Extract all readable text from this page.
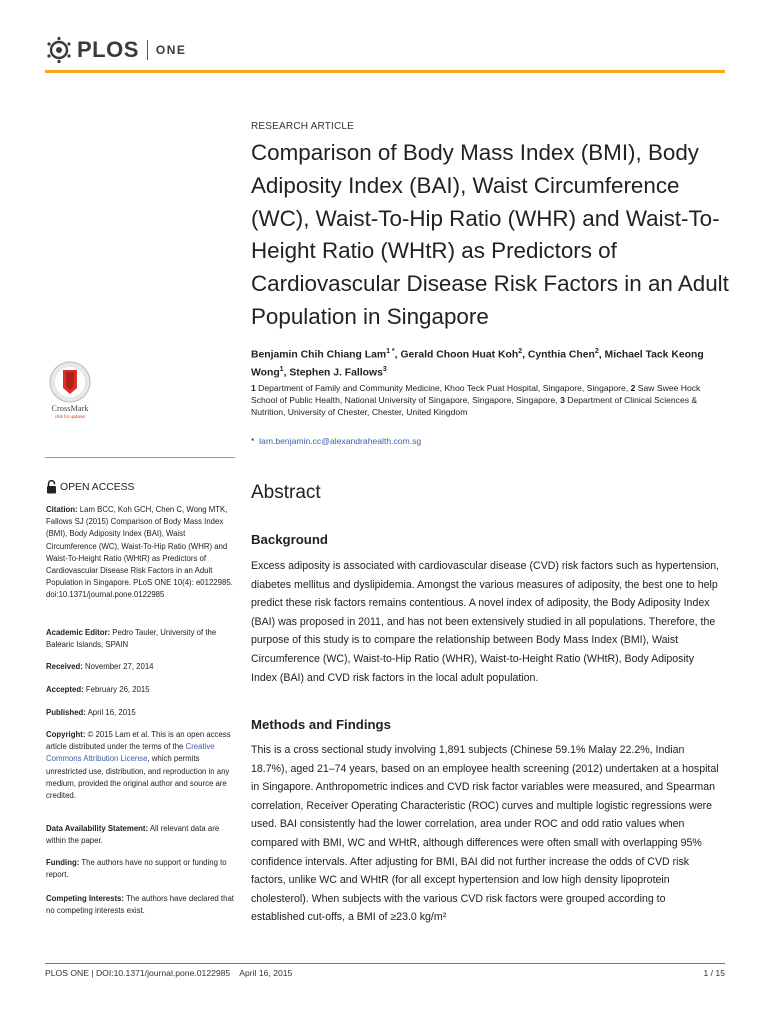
PLOS ONE
CrossMark
click for updates
OPEN ACCESS
Citation: Lam BCC, Koh GCH, Chen C, Wong MTK, Fallows SJ (2015) Comparison of Body Mass Index (BMI), Body Adiposity Index (BAI), Waist Circumference (WC), Waist-To-Hip Ratio (WHR) and Waist-To-Height Ratio (WHtR) as Predictors of Cardiovascular Disease Risk Factors in an Adult Population in Singapore. PLoS ONE 10(4): e0122985. doi:10.1371/journal.pone.0122985
Academic Editor: Pedro Tauler, University of the Balearic Islands, SPAIN
Received: November 27, 2014
Accepted: February 26, 2015
Published: April 16, 2015
Copyright: © 2015 Lam et al. This is an open access article distributed under the terms of the Creative Commons Attribution License, which permits unrestricted use, distribution, and reproduction in any medium, provided the original author and source are credited.
Data Availability Statement: All relevant data are within the paper.
Funding: The authors have no support or funding to report.
Competing Interests: The authors have declared that no competing interests exist.
RESEARCH ARTICLE
Comparison of Body Mass Index (BMI), Body Adiposity Index (BAI), Waist Circumference (WC), Waist-To-Hip Ratio (WHR) and Waist-To-Height Ratio (WHtR) as Predictors of Cardiovascular Disease Risk Factors in an Adult Population in Singapore
Benjamin Chih Chiang Lam$^{1 *}$, Gerald Choon Huat Koh$^2$, Cynthia Chen$^2$, Michael Tack Keong Wong$^1$, Stephen J. Fallows$^3$
1 Department of Family and Community Medicine, Khoo Teck Puat Hospital, Singapore, Singapore, 2 Saw Swee Hock School of Public Health, National University of Singapore, Singapore, Singapore, 3 Department of Clinical Sciences & Nutrition, University of Chester, Chester, United Kingdom
* lam.benjamin.cc@alexandrahealth.com.sg
Abstract
Background
Excess adiposity is associated with cardiovascular disease (CVD) risk factors such as hypertension, diabetes mellitus and dyslipidemia. Amongst the various measures of adiposity, the best one to help predict these risk factors remains contentious. A novel index of adiposity, the Body Adiposity Index (BAI) was proposed in 2011, and has not been extensively studied in all populations. Therefore, the purpose of this study is to compare the relationship between Body Mass Index (BMI), Waist Circumference (WC), Waist-to-Hip Ratio (WHR), Waist-to-Height Ratio (WHtR), Body Adiposity Index (BAI) and CVD risk factors in the local adult population.
Methods and Findings
This is a cross sectional study involving 1,891 subjects (Chinese 59.1% Malay 22.2%, Indian 18.7%), aged 21–74 years, based on an employee health screening (2012) undertaken at a hospital in Singapore. Anthropometric indices and CVD risk factor variables were measured, and Spearman correlation, Receiver Operating Characteristic (ROC) curves and multiple logistic regressions were used. BAI consistently had the lower correlation, area under ROC and odd ratio values when compared with BMI, WC and WHtR, although differences were often small with overlapping 95% confidence intervals. After adjusting for BMI, BAI did not further increase the odds of CVD risk factors, unlike WC and WHtR (for all except hypertension and low high density lipoprotein cholesterol). When subjects with the various CVD risk factors were grouped according to established cut-offs, a BMI of ≥23.0 kg/m²
PLOS ONE | DOI:10.1371/journal.pone.0122985    April 16, 2015	1 / 15
